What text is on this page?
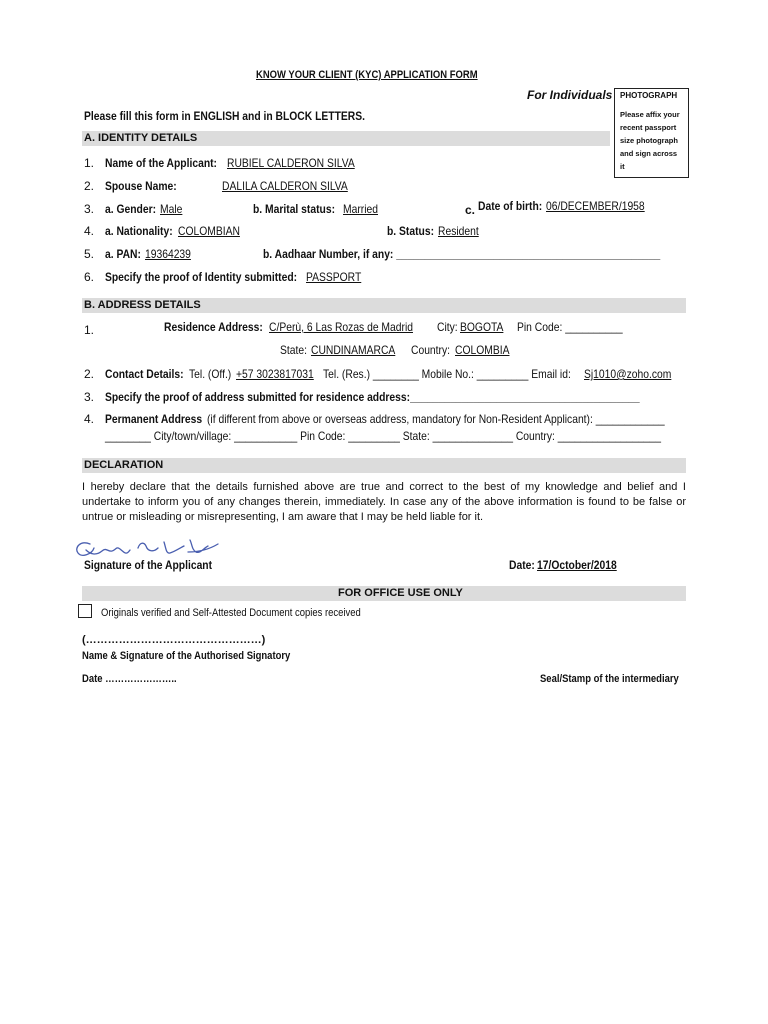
KNOW YOUR CLIENT (KYC) APPLICATION FORM
For Individuals
Please fill this form in ENGLISH and in BLOCK LETTERS.
PHOTOGRAPH
Please affix your recent passport size photograph and sign across it
A. IDENTITY DETAILS
1. Name of the Applicant: RUBIEL CALDERON SILVA
2. Spouse Name:	DALILA CALDERON SILVA
3. a. Gender: Male	b. Marital status: Married	c. Date of birth: 06/DECEMBER/1958
4. a. Nationality: COLOMBIAN	b. Status: Resident
5. a. PAN: 19364239	b. Aadhaar Number, if any: ______________________________________________
6. Specify the proof of Identity submitted: PASSPORT
B. ADDRESS DETAILS
1.	Residence Address: C/Perù, 6 Las Rozas de Madrid City: BOGOTA Pin Code: __________
State: CUNDINAMARCA Country: COLOMBIA
2. Contact Details: Tel. (Off.) +57 3023817031 Tel. (Res.) ________ Mobile No.: _________ Email id: Sj1010@zoho.com
3. Specify the proof of address submitted for residence address:________________________________________
4. Permanent Address (if different from above or overseas address, mandatory for Non-Resident Applicant): ____________
________ City/town/village: ___________ Pin Code: _________ State: ______________ Country: __________________
DECLARATION
I hereby declare that the details furnished above are true and correct to the best of my knowledge and belief and I undertake to inform you of any changes therein, immediately. In case any of the above information is found to be false or untrue or misleading or misrepresenting, I am aware that I may be held liable for it.
Signature of the Applicant	Date: 17/October/2018
FOR OFFICE USE ONLY
Originals verified and Self-Attested Document copies received
(…………………………………………)
Name & Signature of the Authorised Signatory
Date …………………..	Seal/Stamp of the intermediary
